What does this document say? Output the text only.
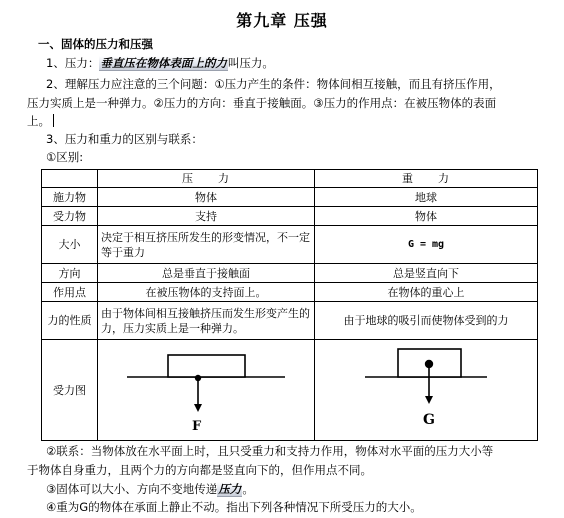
第九章 压强
一、固体的压力和压强
1、压力：垂直压在物体表面上的力叫压力。
2、理解压力应注意的三个问题：①压力产生的条件：物体间相互接触，而且有挤压作用，
压力实质上是一种弹力。②压力的方向：垂直于接触面。③压力的作用点：在被压物体的表面
上。
3、压力和重力的区别与联系：
①区别:
	压　　力	重　　力
施力物	物体	地球
受力物	支持	物体
大小	决定于相互挤压所发生的形变情况，不一定等于重力	G = mg
方向	总是垂直于接触面	总是竖直向下
作用点	在被压物体的支持面上。	在物体的重心上
力的性质	由于物体间相互接触挤压而发生形变产生的力，压力实质上是一种弹力。	由于地球的吸引而使物体受到的力
受力图	F	G
②联系：当物体放在水平面上时，且只受重力和支持力作用，物体对水平面的压力大小等
于物体自身重力，且两个力的方向都是竖直向下的，但作用点不同。
③固体可以大小、方向不变地传递压力。
④重为G的物体在承面上静止不动。指出下列各种情况下所受压力的大小。
